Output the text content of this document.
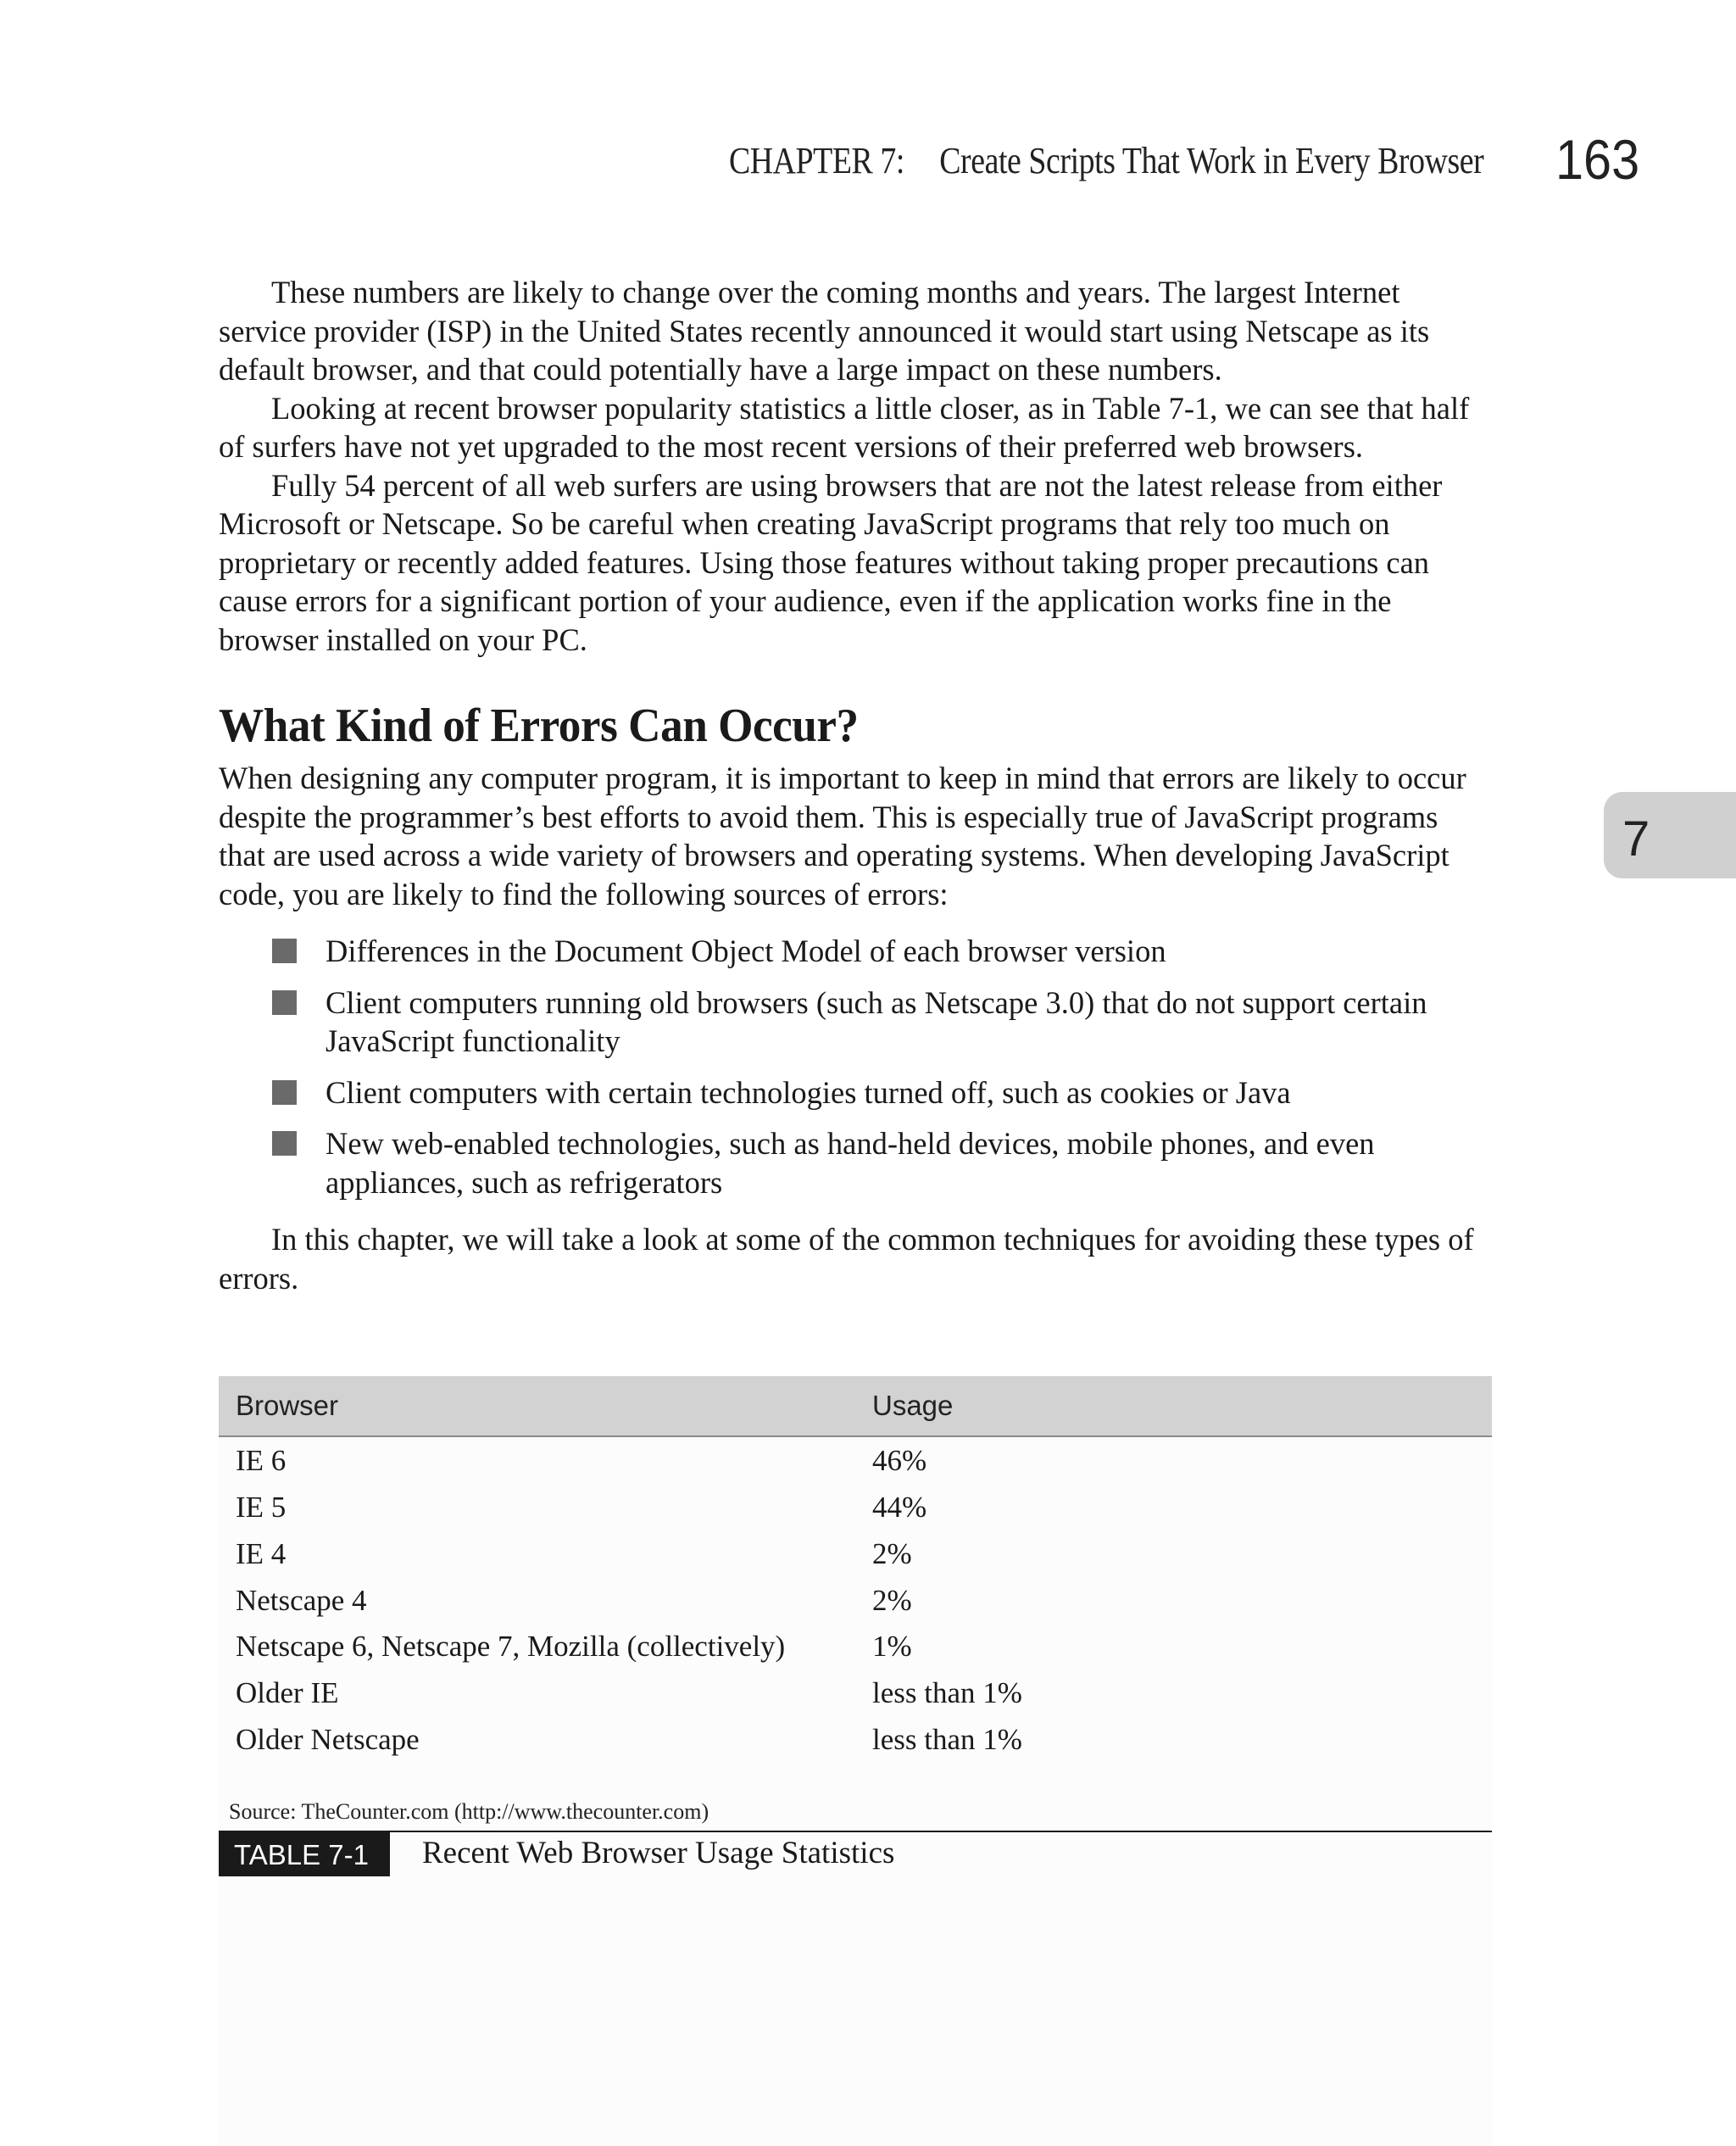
CHAPTER 7: Create Scripts That Work in Every Browser 163
7

These numbers are likely to change over the coming months and years. The largest Internet service provider (ISP) in the United States recently announced it would start using Netscape as its default browser, and that could potentially have a large impact on these numbers.

Looking at recent browser popularity statistics a little closer, as in Table 7-1, we can see that half of surfers have not yet upgraded to the most recent versions of their preferred web browsers.

Fully 54 percent of all web surfers are using browsers that are not the latest release from either Microsoft or Netscape. So be careful when creating JavaScript programs that rely too much on proprietary or recently added features. Using those features without taking proper precautions can cause errors for a significant portion of your audience, even if the application works fine in the browser installed on your PC.

What Kind of Errors Can Occur?

When designing any computer program, it is important to keep in mind that errors are likely to occur despite the programmer’s best efforts to avoid them. This is especially true of JavaScript programs that are used across a wide variety of browsers and operating systems. When developing JavaScript code, you are likely to find the following sources of errors:

Differences in the Document Object Model of each browser version
Client computers running old browsers (such as Netscape 3.0) that do not support certain JavaScript functionality
Client computers with certain technologies turned off, such as cookies or Java
New web-enabled technologies, such as hand-held devices, mobile phones, and even appliances, such as refrigerators

In this chapter, we will take a look at some of the common techniques for avoiding these types of errors.

Browser	Usage
IE 6	46%
IE 5	44%
IE 4	2%
Netscape 4	2%
Netscape 6, Netscape 7, Mozilla (collectively)	1%
Older IE	less than 1%
Older Netscape	less than 1%
Source: TheCounter.com (http://www.thecounter.com)
TABLE 7-1 Recent Web Browser Usage Statistics
